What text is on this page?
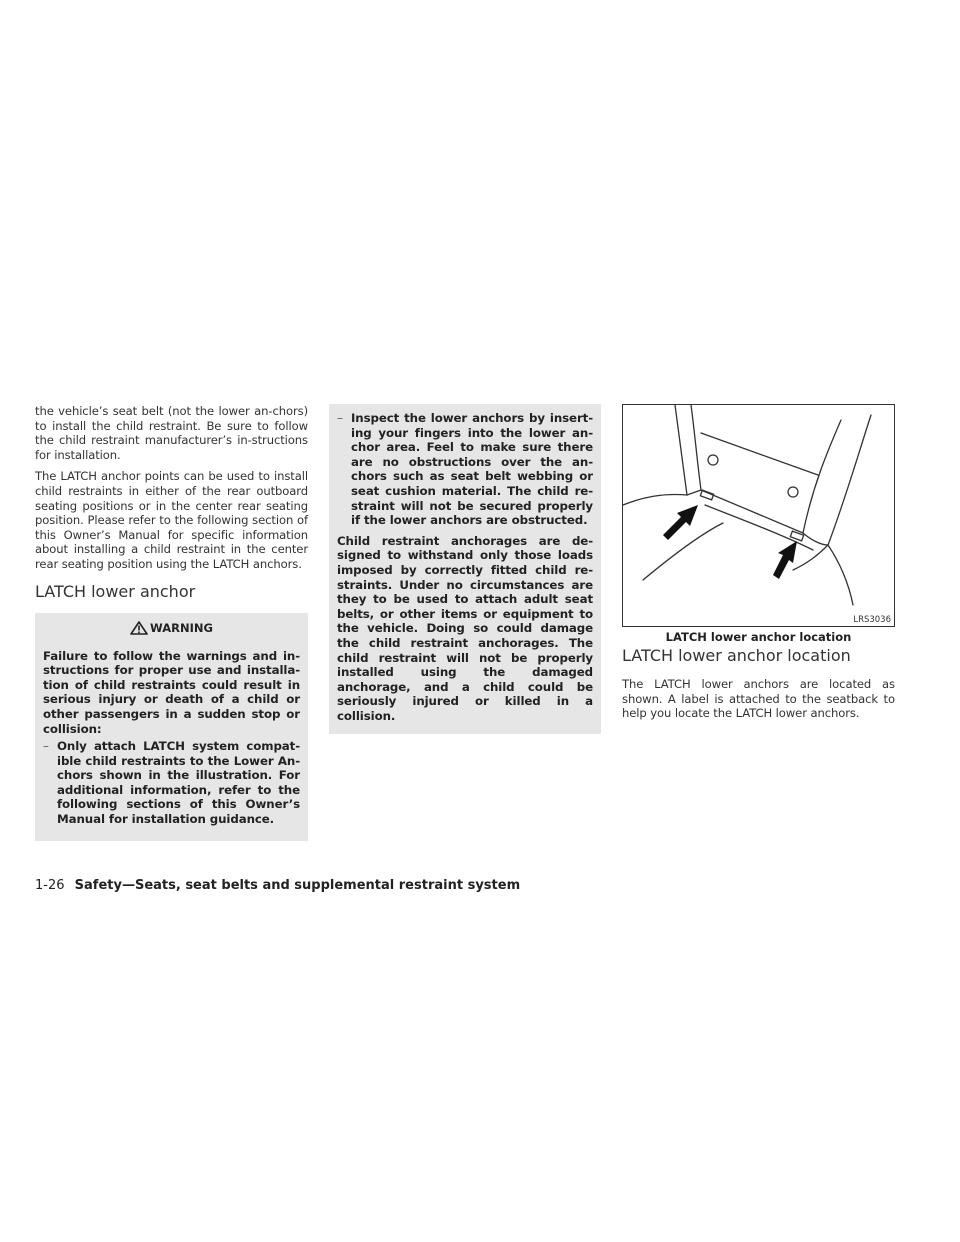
the vehicle’s seat belt (not the lower an-chors) to install the child restraint. Be sure to follow the child restraint manufacturer’s in-structions for installation.

The LATCH anchor points can be used to install child restraints in either of the rear outboard seating positions or in the center rear seating position. Please refer to the following section of this Owner’s Manual for specific information about installing a child restraint in the center rear seating position using the LATCH anchors.

LATCH lower anchor
WARNING

Failure to follow the warnings and in-structions for proper use and installa-tion of child restraints could result in serious injury or death of a child or other passengers in a sudden stop or collision:

– Only attach LATCH system compat-ible child restraints to the Lower An-chors shown in the illustration. For additional information, refer to the following sections of this Owner’s Manual for installation guidance.
– Inspect the lower anchors by insert-ing your fingers into the lower an-chor area. Feel to make sure there are no obstructions over the an-chors such as seat belt webbing or seat cushion material. The child re-straint will not be secured properly if the lower anchors are obstructed.

Child restraint anchorages are de-signed to withstand only those loads imposed by correctly fitted child re-straints. Under no circumstances are they to be used to attach adult seat belts, or other items or equipment to the vehicle. Doing so could damage the child restraint anchorages. The child restraint will not be properly installed using the damaged anchorage, and a child could be seriously injured or killed in a collision.

LRS3036
LATCH lower anchor location
LATCH lower anchor location

The LATCH lower anchors are located as shown. A label is attached to the seatback to help you locate the LATCH lower anchors.

1-26 Safety—Seats, seat belts and supplemental restraint system
